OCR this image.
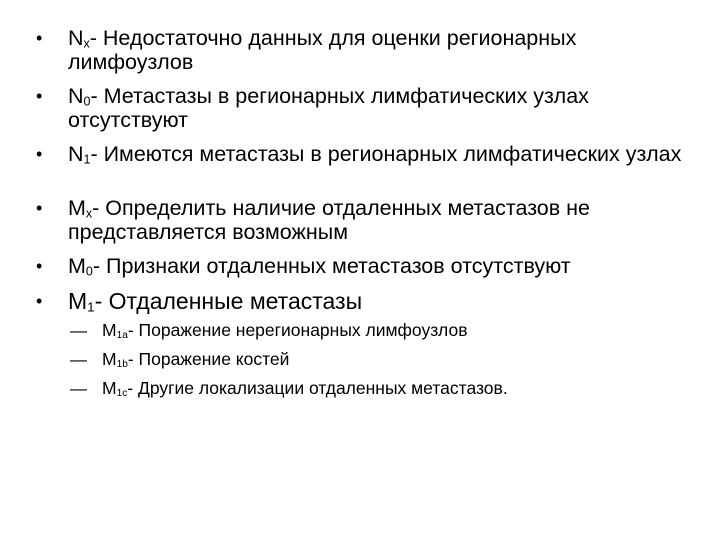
•	$N_x-$ Недостаточно данных для оценки регионарных лимфоузлов
•	$N_0-$ Метастазы в регионарных лимфатических узлах отсутствуют
•	$N_1-$ Имеются метастазы в регионарных лимфатических узлах
•	$M_x-$ Определить наличие отдаленных метастазов не представляется возможным
•	$M_0-$ Признаки отдаленных метастазов отсутствуют
•	$M_1-$ Отдаленные метастазы
— $M_{1a}-$ Поражение нерегионарных лимфоузлов
— $M_{1b}-$ Поражение костей
— $M_{1c}-$ Другие локализации отдаленных метастазов.
